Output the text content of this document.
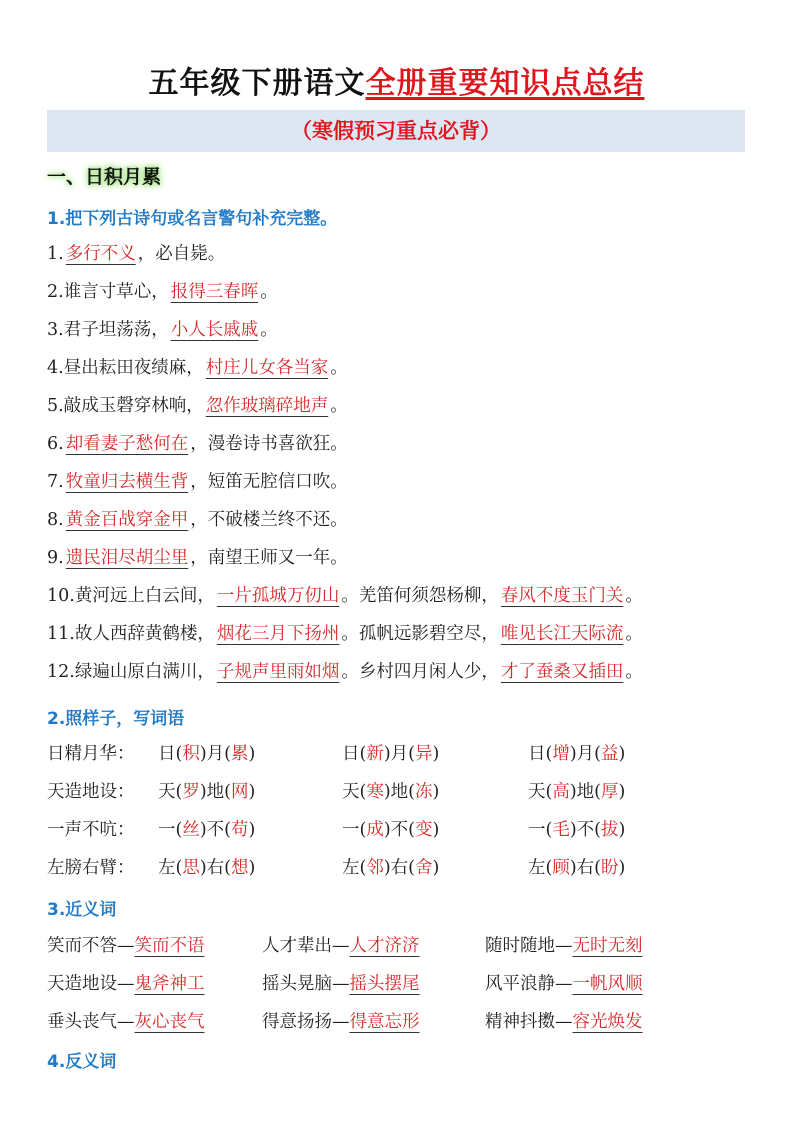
五年级下册语文全册重要知识点总结
（寒假预习重点必背）
一、日积月累
1.把下列古诗句或名言警句补充完整。
1. 多行不义 ，必自毙。
2.谁言寸草心， 报得三春晖 。
3.君子坦荡荡， 小人长戚戚 。
4.昼出耘田夜绩麻， 村庄儿女各当家 。
5.敲成玉磬穿林响， 忽作玻璃碎地声 。
6. 却看妻子愁何在 ，漫卷诗书喜欲狂。
7. 牧童归去横生背 ，短笛无腔信口吹。
8. 黄金百战穿金甲 ，不破楼兰终不还。
9. 遗民泪尽胡尘里 ，南望王师又一年。
10.黄河远上白云间， 一片孤城万仞山 。羌笛何须怨杨柳， 春风不度玉门关 。
11.故人西辞黄鹤楼， 烟花三月下扬州 。孤帆远影碧空尽， 唯见长江天际流 。
12.绿遍山原白满川， 子规声里雨如烟 。乡村四月闲人少， 才了蚕桑又插田 。
2.照样子，写词语
日精月华： 日(积)月(累)	日(新)月(异)	日(增)月(益)
天造地设： 天(罗)地(网)	天(寒)地(冻)	天(高)地(厚)
一声不吭： 一(丝)不(苟)	一(成)不(变)	一(毛)不(拔)
左膀右臂： 左(思)右(想)	左(邻)右(舍)	左(顾)右(盼)
3.近义词
笑而不答—笑而不语	人才辈出—人才济济	随时随地—无时无刻
天造地设—鬼斧神工	摇头晃脑—摇头摆尾	风平浪静—一帆风顺
垂头丧气—灰心丧气	得意扬扬—得意忘形	精神抖擞—容光焕发
4.反义词
